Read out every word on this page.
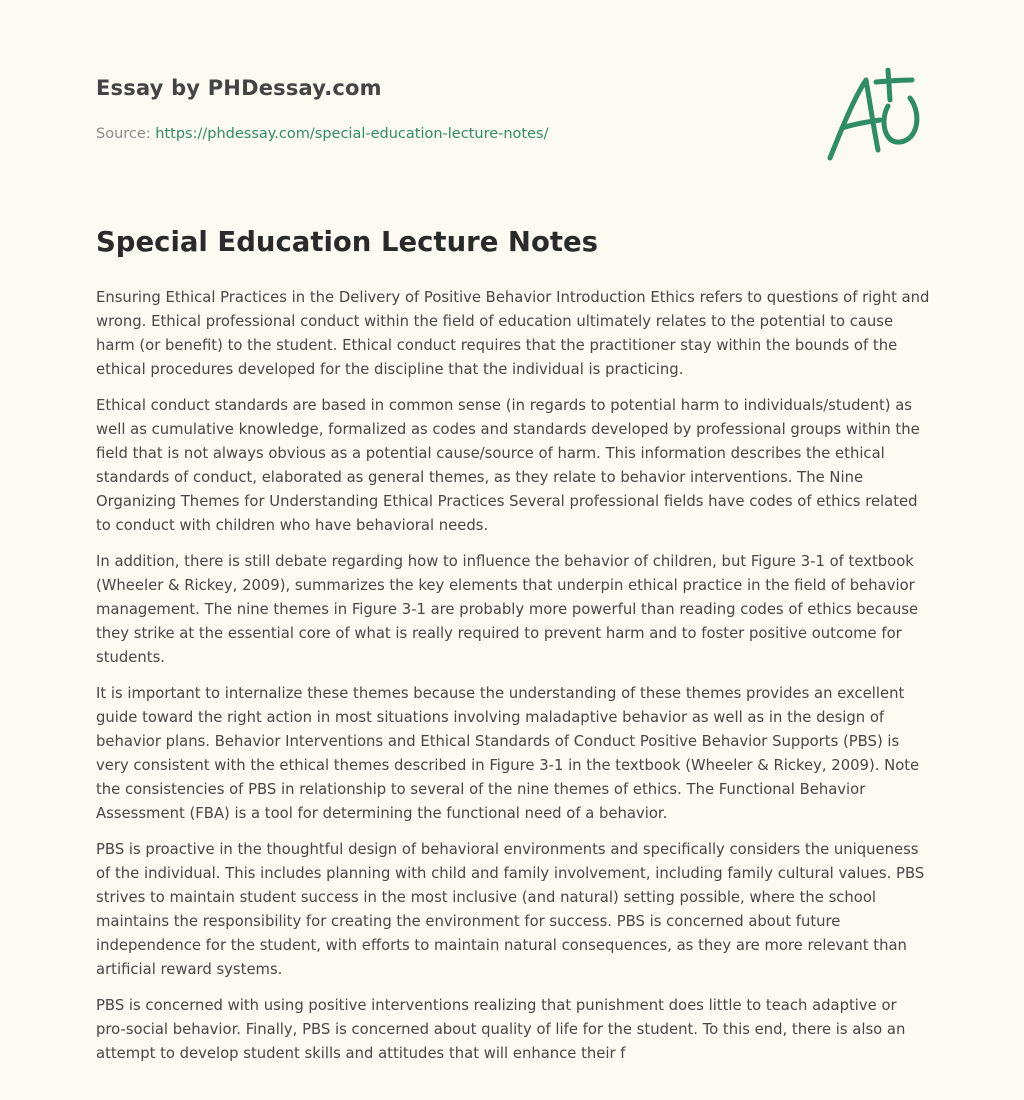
Essay by PHDessay.com
Source: https://phdessay.com/special-education-lecture-notes/
Special Education Lecture Notes

Ensuring Ethical Practices in the Delivery of Positive Behavior Introduction Ethics refers to questions of right and wrong. Ethical professional conduct within the field of education ultimately relates to the potential to cause harm (or benefit) to the student. Ethical conduct requires that the practitioner stay within the bounds of the ethical procedures developed for the discipline that the individual is practicing.

Ethical conduct standards are based in common sense (in regards to potential harm to individuals/student) as well as cumulative knowledge, formalized as codes and standards developed by professional groups within the field that is not always obvious as a potential cause/source of harm. This information describes the ethical standards of conduct, elaborated as general themes, as they relate to behavior interventions. The Nine Organizing Themes for Understanding Ethical Practices Several professional fields have codes of ethics related to conduct with children who have behavioral needs.

In addition, there is still debate regarding how to influence the behavior of children, but Figure 3-1 of textbook (Wheeler & Rickey, 2009), summarizes the key elements that underpin ethical practice in the field of behavior management. The nine themes in Figure 3-1 are probably more powerful than reading codes of ethics because they strike at the essential core of what is really required to prevent harm and to foster positive outcome for students.

It is important to internalize these themes because the understanding of these themes provides an excellent guide toward the right action in most situations involving maladaptive behavior as well as in the design of behavior plans. Behavior Interventions and Ethical Standards of Conduct Positive Behavior Supports (PBS) is very consistent with the ethical themes described in Figure 3-1 in the textbook (Wheeler & Rickey, 2009). Note the consistencies of PBS in relationship to several of the nine themes of ethics. The Functional Behavior Assessment (FBA) is a tool for determining the functional need of a behavior.

PBS is proactive in the thoughtful design of behavioral environments and specifically considers the uniqueness of the individual. This includes planning with child and family involvement, including family cultural values. PBS strives to maintain student success in the most inclusive (and natural) setting possible, where the school maintains the responsibility for creating the environment for success. PBS is concerned about future independence for the student, with efforts to maintain natural consequences, as they are more relevant than artificial reward systems.

PBS is concerned with using positive interventions realizing that punishment does little to teach adaptive or pro-social behavior. Finally, PBS is concerned about quality of life for the student. To this end, there is also an attempt to develop student skills and attitudes that will enhance their f
